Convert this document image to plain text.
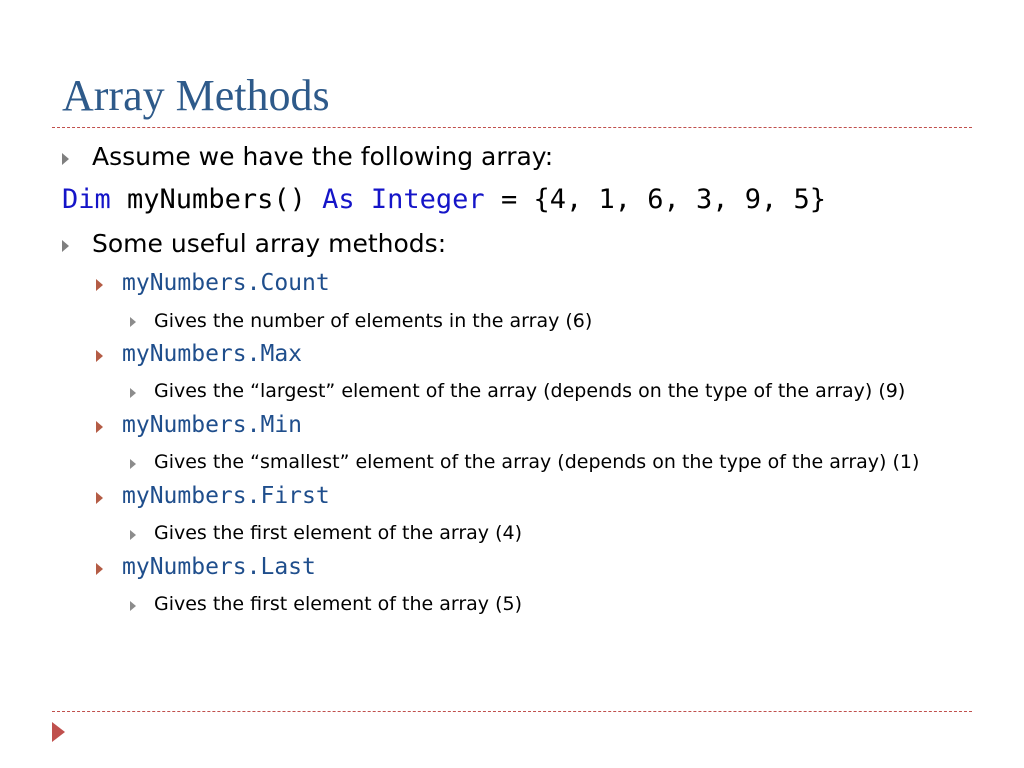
Array Methods
Assume we have the following array:
Dim myNumbers() As Integer = {4, 1, 6, 3, 9, 5}
Some useful array methods:
myNumbers.Count
Gives the number of elements in the array (6)
myNumbers.Max
Gives the “largest” element of the array (depends on the type of the array) (9)
myNumbers.Min
Gives the “smallest” element of the array (depends on the type of the array) (1)
myNumbers.First
Gives the first element of the array (4)
myNumbers.Last
Gives the first element of the array (5)
